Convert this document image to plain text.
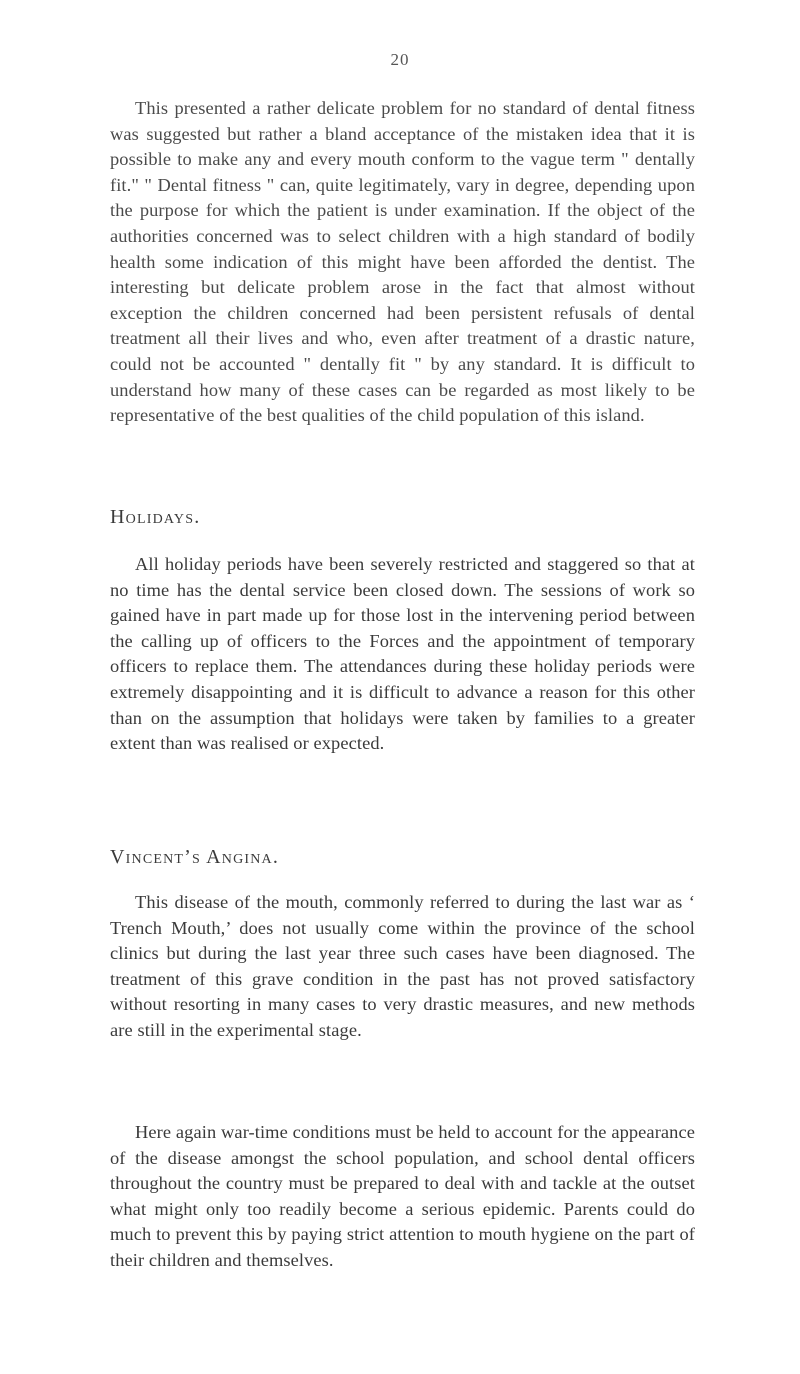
20

This presented a rather delicate problem for no standard of dental fitness was suggested but rather a bland acceptance of the mistaken idea that it is possible to make any and every mouth conform to the vague term " dentally fit." " Dental fitness " can, quite legitimately, vary in degree, depending upon the purpose for which the patient is under examination. If the object of the authorities concerned was to select children with a high standard of bodily health some indication of this might have been afforded the dentist. The interesting but delicate problem arose in the fact that almost without exception the children concerned had been persistent refusals of dental treatment all their lives and who, even after treatment of a drastic nature, could not be accounted " dentally fit " by any standard. It is difficult to understand how many of these cases can be regarded as most likely to be representative of the best qualities of the child population of this island.

Holidays.

All holiday periods have been severely restricted and staggered so that at no time has the dental service been closed down. The sessions of work so gained have in part made up for those lost in the intervening period between the calling up of officers to the Forces and the appointment of temporary officers to replace them. The attendances during these holiday periods were extremely disappointing and it is difficult to advance a reason for this other than on the assumption that holidays were taken by families to a greater extent than was realised or expected.

Vincent’s Angina.

This disease of the mouth, commonly referred to during the last war as ‘ Trench Mouth,’ does not usually come within the province of the school clinics but during the last year three such cases have been diagnosed. The treatment of this grave condition in the past has not proved satisfactory without resorting in many cases to very drastic measures, and new methods are still in the experimental stage.

Here again war-time conditions must be held to account for the appearance of the disease amongst the school population, and school dental officers throughout the country must be prepared to deal with and tackle at the outset what might only too readily become a serious epidemic. Parents could do much to prevent this by paying strict attention to mouth hygiene on the part of their children and themselves.
